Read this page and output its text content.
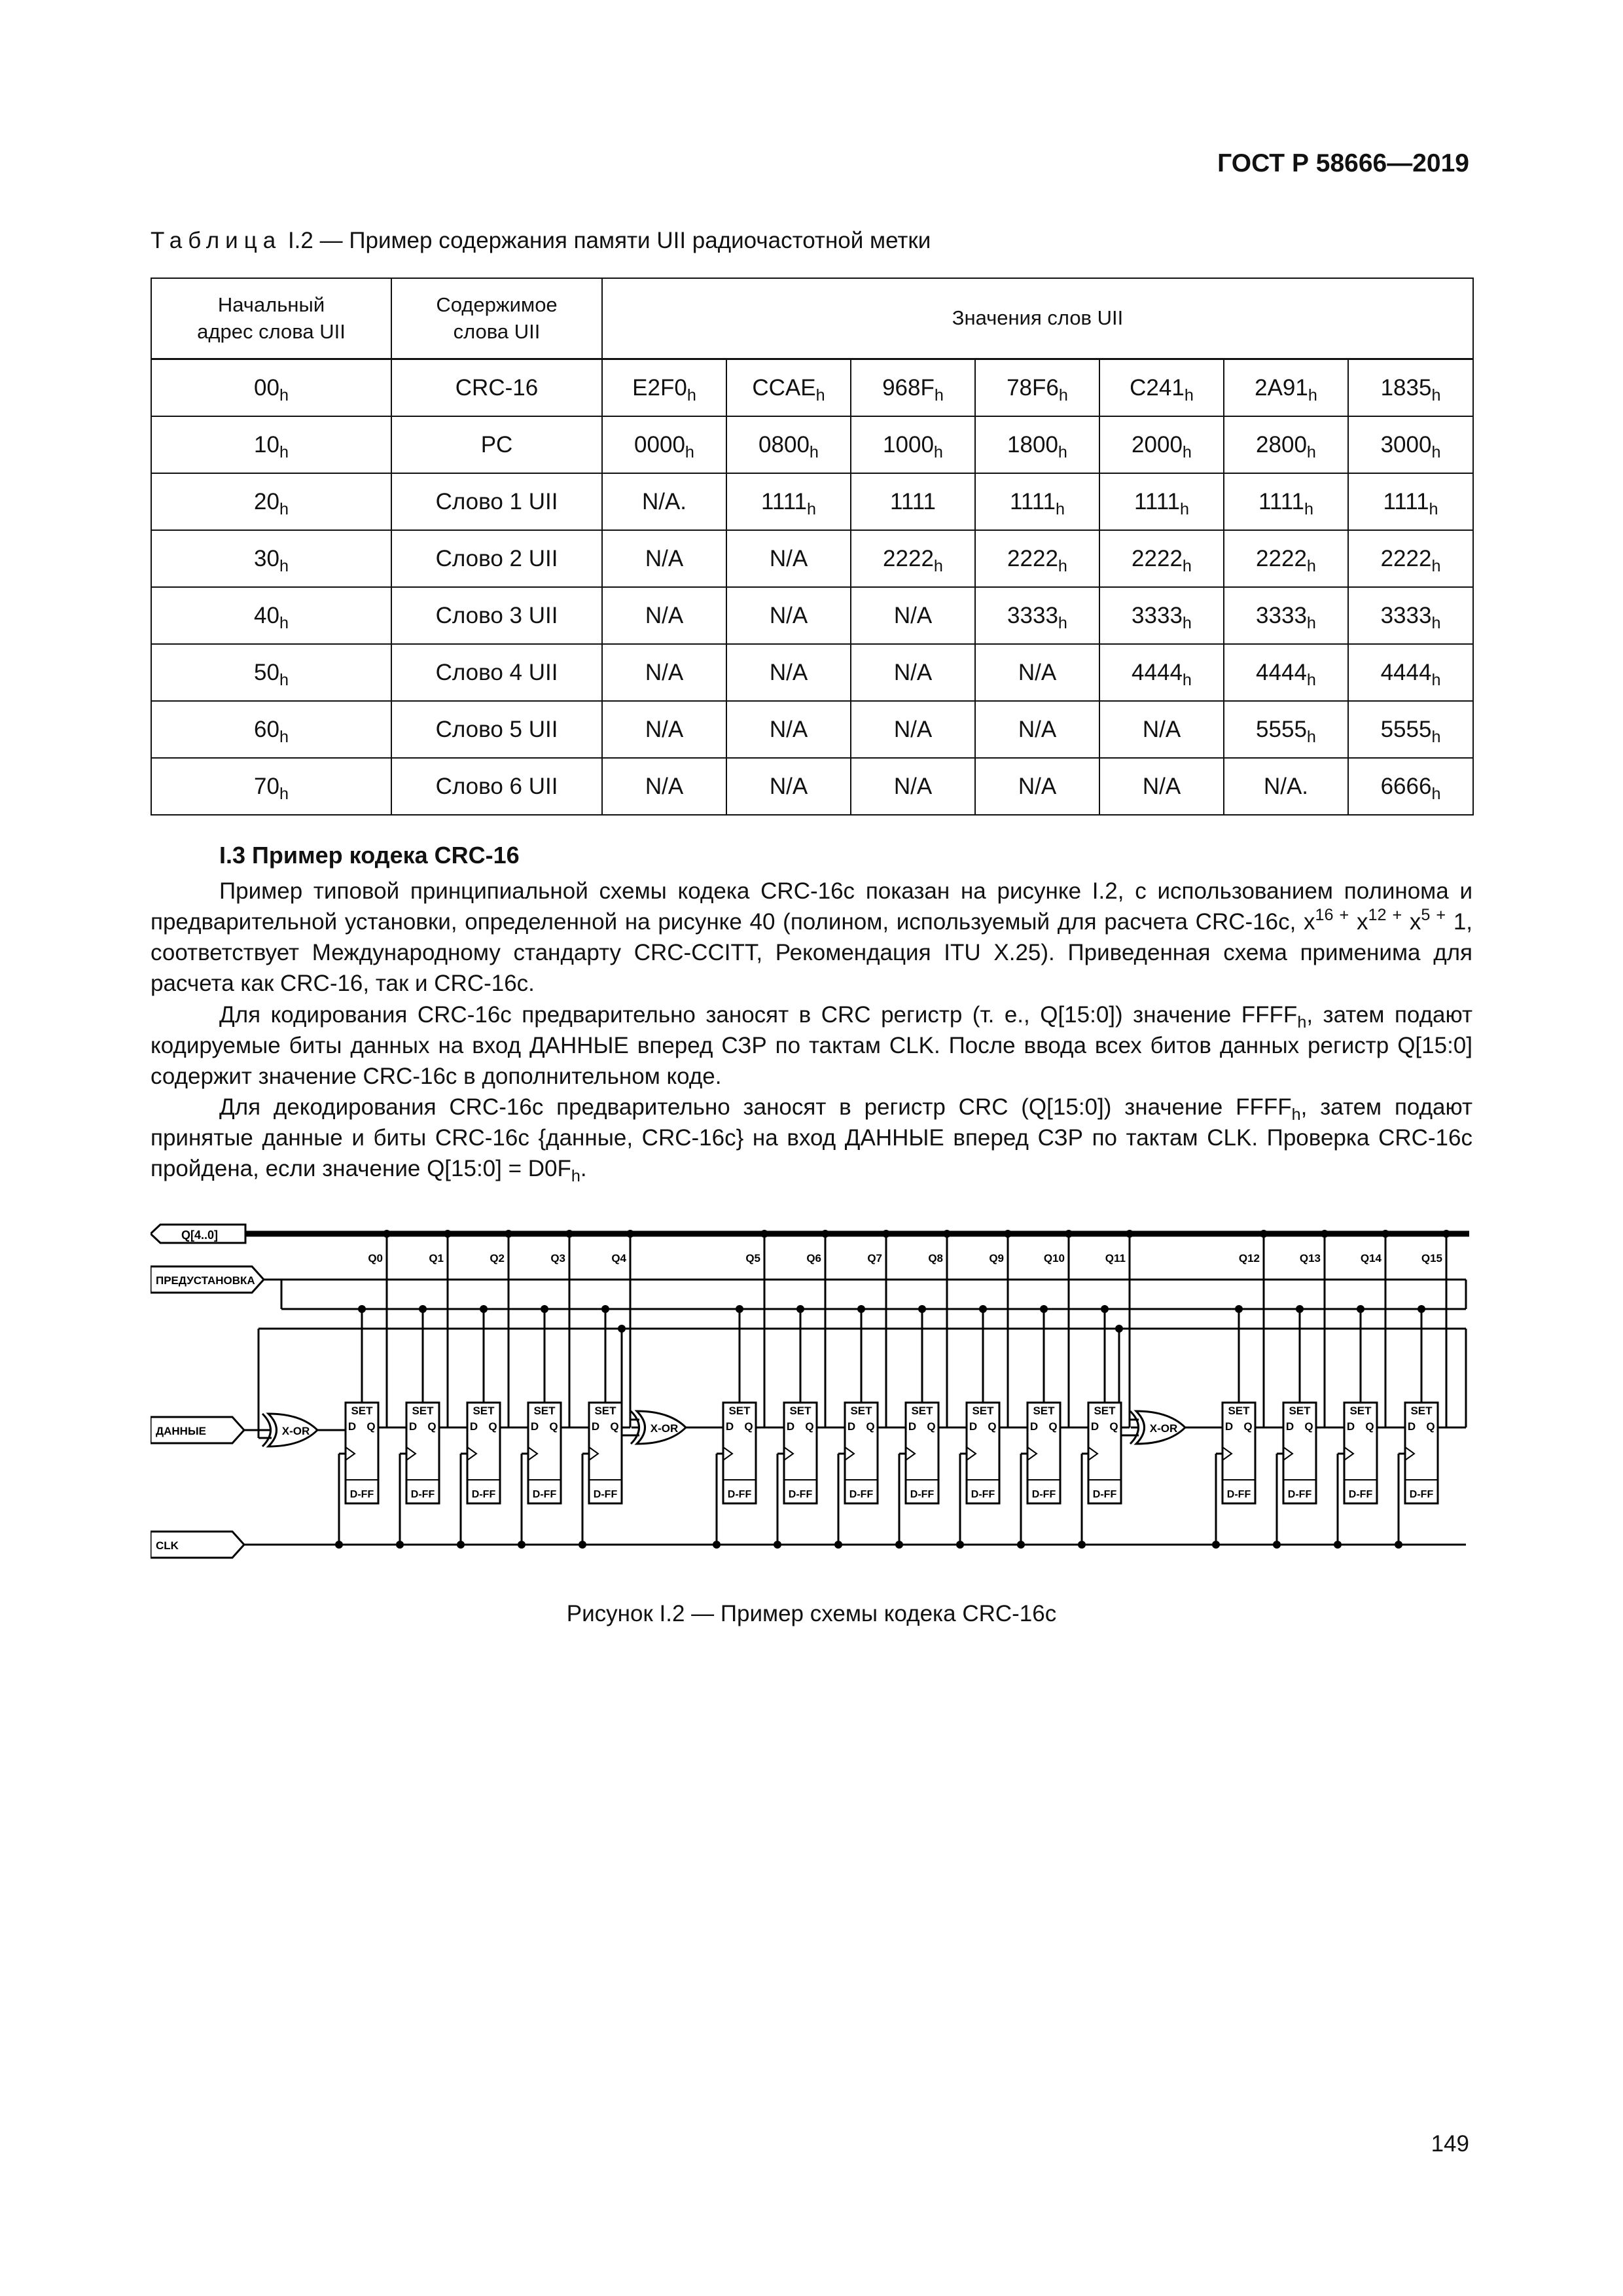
ГОСТ Р 58666—2019
Таблица I.2 — Пример содержания памяти UII радиочастотной метки
Начальный адрес слова UII	Содержимое слова UII	Значения слов UII						
$00_h$	CRC-16	$E2F0_h$	$CCAE_h$	$968F_h$	$78F6_h$	$C241_h$	$2A91_h$	$1835_h$
$10_h$	PC	$0000_h$	$0800_h$	$1000_h$	$1800_h$	$2000_h$	$2800_h$	$3000_h$
$20_h$	Слово 1 UII	N/A.	$1111_h$	1111	$1111_h$	$1111_h$	$1111_h$	$1111_h$
$30_h$	Слово 2 UII	N/A	N/A	$2222_h$	$2222_h$	$2222_h$	$2222_h$	$2222_h$
$40_h$	Слово 3 UII	N/A	N/A	N/A	$3333_h$	$3333_h$	$3333_h$	$3333_h$
$50_h$	Слово 4 UII	N/A	N/A	N/A	N/A	$4444_h$	$4444_h$	$4444_h$
$60_h$	Слово 5 UII	N/A	N/A	N/A	N/A	N/A	$5555_h$	$5555_h$
$70_h$	Слово 6 UII	N/A	N/A	N/A	N/A	N/A	N/A.	$6666_h$
I.3 Пример кодека CRC-16

Пример типовой принципиальной схемы кодека CRC-16c показан на рисунке I.2, с использованием полинома и предварительной установки, определенной на рисунке 40 (полином, используемый для расчета CRC-16c, $x^{16 +}$ $x^{12 +}$ $x^{5 +}$ 1, соответствует Международному стандарту CRC-CCITT, Рекомендация ITU X.25). Приведенная схема применима для расчета как CRC-16, так и CRC-16c.

Для кодирования CRC-16c предварительно заносят в CRC регистр (т. е., Q[15:0]) значение $FFFF_h$, затем подают кодируемые биты данных на вход ДАННЫЕ вперед СЗР по тактам CLK. После ввода всех битов данных регистр Q[15:0] содержит значение CRC-16c в дополнительном коде.

Для декодирования CRC-16c предварительно заносят в регистр CRC (Q[15:0]) значение $FFFF_h$, затем подают принятые данные и биты CRC-16c {данные, CRC-16c} на вход ДАННЫЕ вперед СЗР по тактам CLK. Проверка CRC-16c пройдена, если значение Q[15:0] = $D0F_h$.

Q[4..0]
ПРЕДУСТАНОВКА
ДАННЫЕ
CLK
SET
D Q
D-FF
Q0
SET
D Q
D-FF
Q1
SET
D Q
D-FF
Q2
SET
D Q
D-FF
Q3
SET
D Q
D-FF
Q4
SET
D Q
D-FF
Q5
SET
D Q
D-FF
Q6
SET
D Q
D-FF
Q7
SET
D Q
D-FF
Q8
SET
D Q
D-FF
Q9
SET
D Q
D-FF
Q10
SET
D Q
D-FF
Q11
SET
D Q
D-FF
Q12
SET
D Q
D-FF
Q13
SET
D Q
D-FF
Q14
SET
D Q
D-FF
Q15
X-OR	X-OR	X-OR
Рисунок I.2 — Пример схемы кодека CRC-16c
149
